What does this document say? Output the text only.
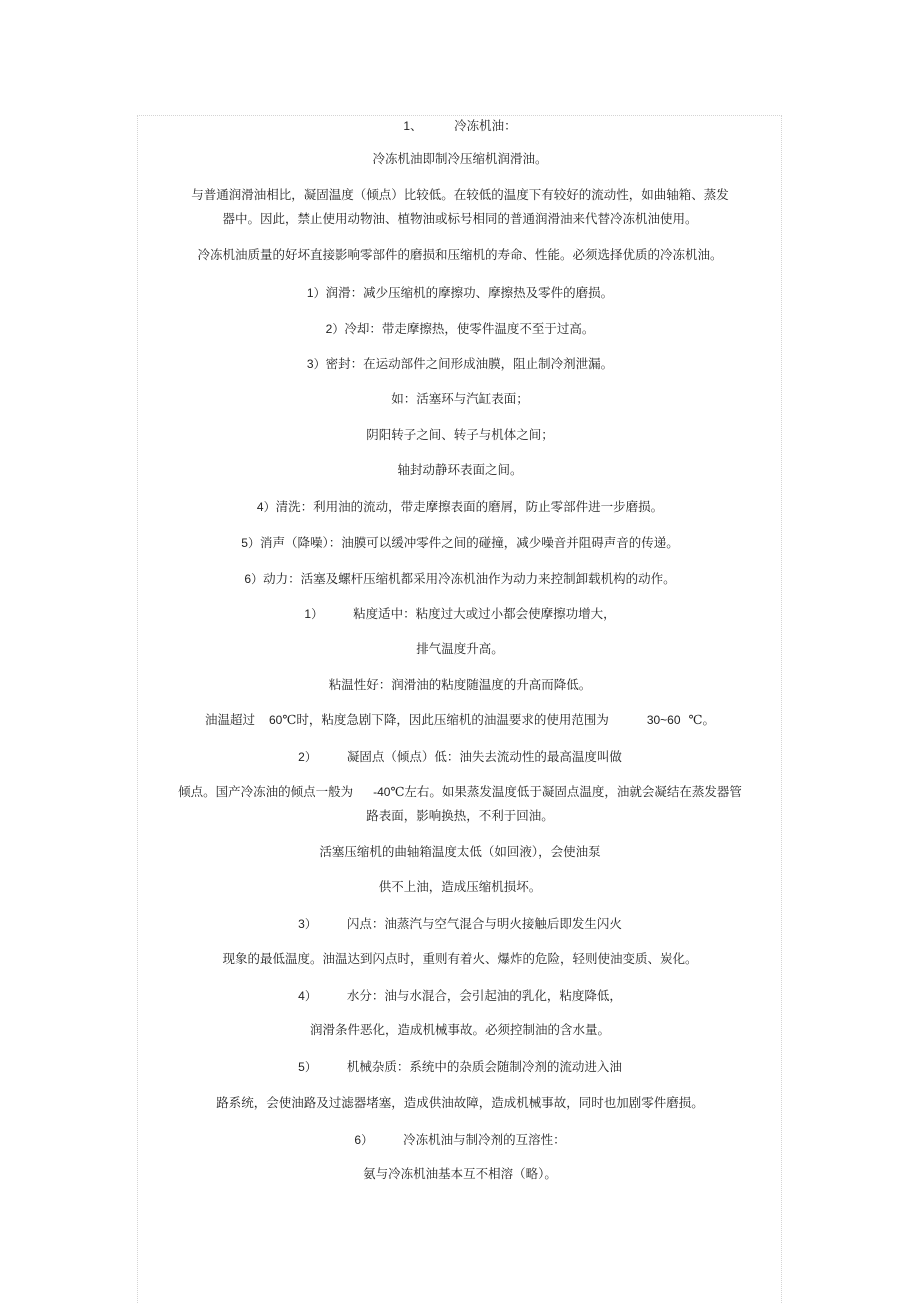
1、	冷冻机油：
冷冻机油即制冷压缩机润滑油。
与普通润滑油相比，凝固温度（倾点）比较低。在较低的温度下有较好的流动性，如曲轴箱、蒸发
器中。因此，禁止使用动物油、植物油或标号相同的普通润滑油来代替冷冻机油使用。
冷冻机油质量的好坏直接影响零部件的磨损和压缩机的寿命、性能。必须选择优质的冷冻机油。
1）润滑：减少压缩机的摩擦功、摩擦热及零件的磨损。
2）冷却：带走摩擦热，使零件温度不至于过高。
3）密封：在运动部件之间形成油膜，阻止制冷剂泄漏。
如：活塞环与汽缸表面；
阴阳转子之间、转子与机体之间；
轴封动静环表面之间。
4）清洗：利用油的流动，带走摩擦表面的磨屑，防止零部件进一步磨损。
5）消声（降噪）：油膜可以缓冲零件之间的碰撞，减少噪音并阻碍声音的传递。
6）动力：活塞及螺杆压缩机都采用冷冻机油作为动力来控制卸载机构的动作。
1） 粘度适中：粘度过大或过小都会使摩擦功增大，
排气温度升高。
粘温性好：润滑油的粘度随温度的升高而降低。
油温超过 60℃时，粘度急剧下降，因此压缩机的油温要求的使用范围为	30~60 ℃。
2） 凝固点（倾点）低：油失去流动性的最高温度叫做
倾点。国产冷冻油的倾点一般为 -40℃左右。如果蒸发温度低于凝固点温度，油就会凝结在蒸发器管
路表面，影响换热，不利于回油。
活塞压缩机的曲轴箱温度太低（如回液），会使油泵
供不上油，造成压缩机损坏。
3） 闪点：油蒸汽与空气混合与明火接触后即发生闪火
现象的最低温度。油温达到闪点时，重则有着火、爆炸的危险，轻则使油变质、炭化。
4） 水分：油与水混合，会引起油的乳化，粘度降低，
润滑条件恶化，造成机械事故。必须控制油的含水量。
5） 机械杂质：系统中的杂质会随制冷剂的流动进入油
路系统，会使油路及过滤器堵塞，造成供油故障，造成机械事故，同时也加剧零件磨损。
6） 冷冻机油与制冷剂的互溶性：
氨与冷冻机油基本互不相溶（略）。
